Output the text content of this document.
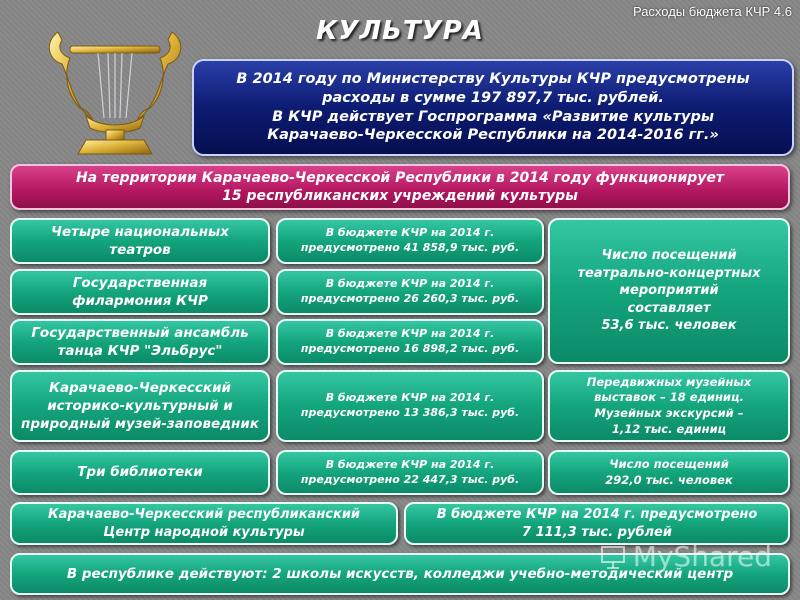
Расходы бюджета КЧР 4.6
КУЛЬТУРА
В 2014 году по Министерству Культуры КЧР предусмотрены
расходы в сумме 197 897,7 тыс. рублей.
В КЧР действует Госпрограмма «Развитие культуры
Карачаево-Черкесской Республики на 2014-2016 гг.»
На территории Карачаево-Черкесской Республики в 2014 году функционирует
15 республиканских учреждений культуры
Четыре национальных
театров
В бюджете КЧР на 2014 г.
предусмотрено 41 858,9 тыс. руб.
Государственная
филармония КЧР
В бюджете КЧР на 2014 г.
предусмотрено 26 260,3 тыс. руб.
Государственный ансамбль
танца КЧР "Эльбрус"
В бюджете КЧР на 2014 г.
предусмотрено 16 898,2 тыс. руб.
Число посещений
театрально-концертных
мероприятий
составляет
53,6 тыс. человек
Карачаево-Черкесский
историко-культурный и
природный музей-заповедник
В бюджете КЧР на 2014 г.
предусмотрено 13 386,3 тыс. руб.
Передвижных музейных
выставок – 18 единиц.
Музейных экскурсий –
1,12 тыс. единиц
Три библиотеки
В бюджете КЧР на 2014 г.
предусмотрено 22 447,3 тыс. руб.
Число посещений
292,0 тыс. человек
Карачаево-Черкесский республиканский
Центр народной культуры
В бюджете КЧР на 2014 г. предусмотрено
7 111,3 тыс. рублей
В республике действуют: 2 школы искусств, колледжи учебно-методический центр
MyShared
